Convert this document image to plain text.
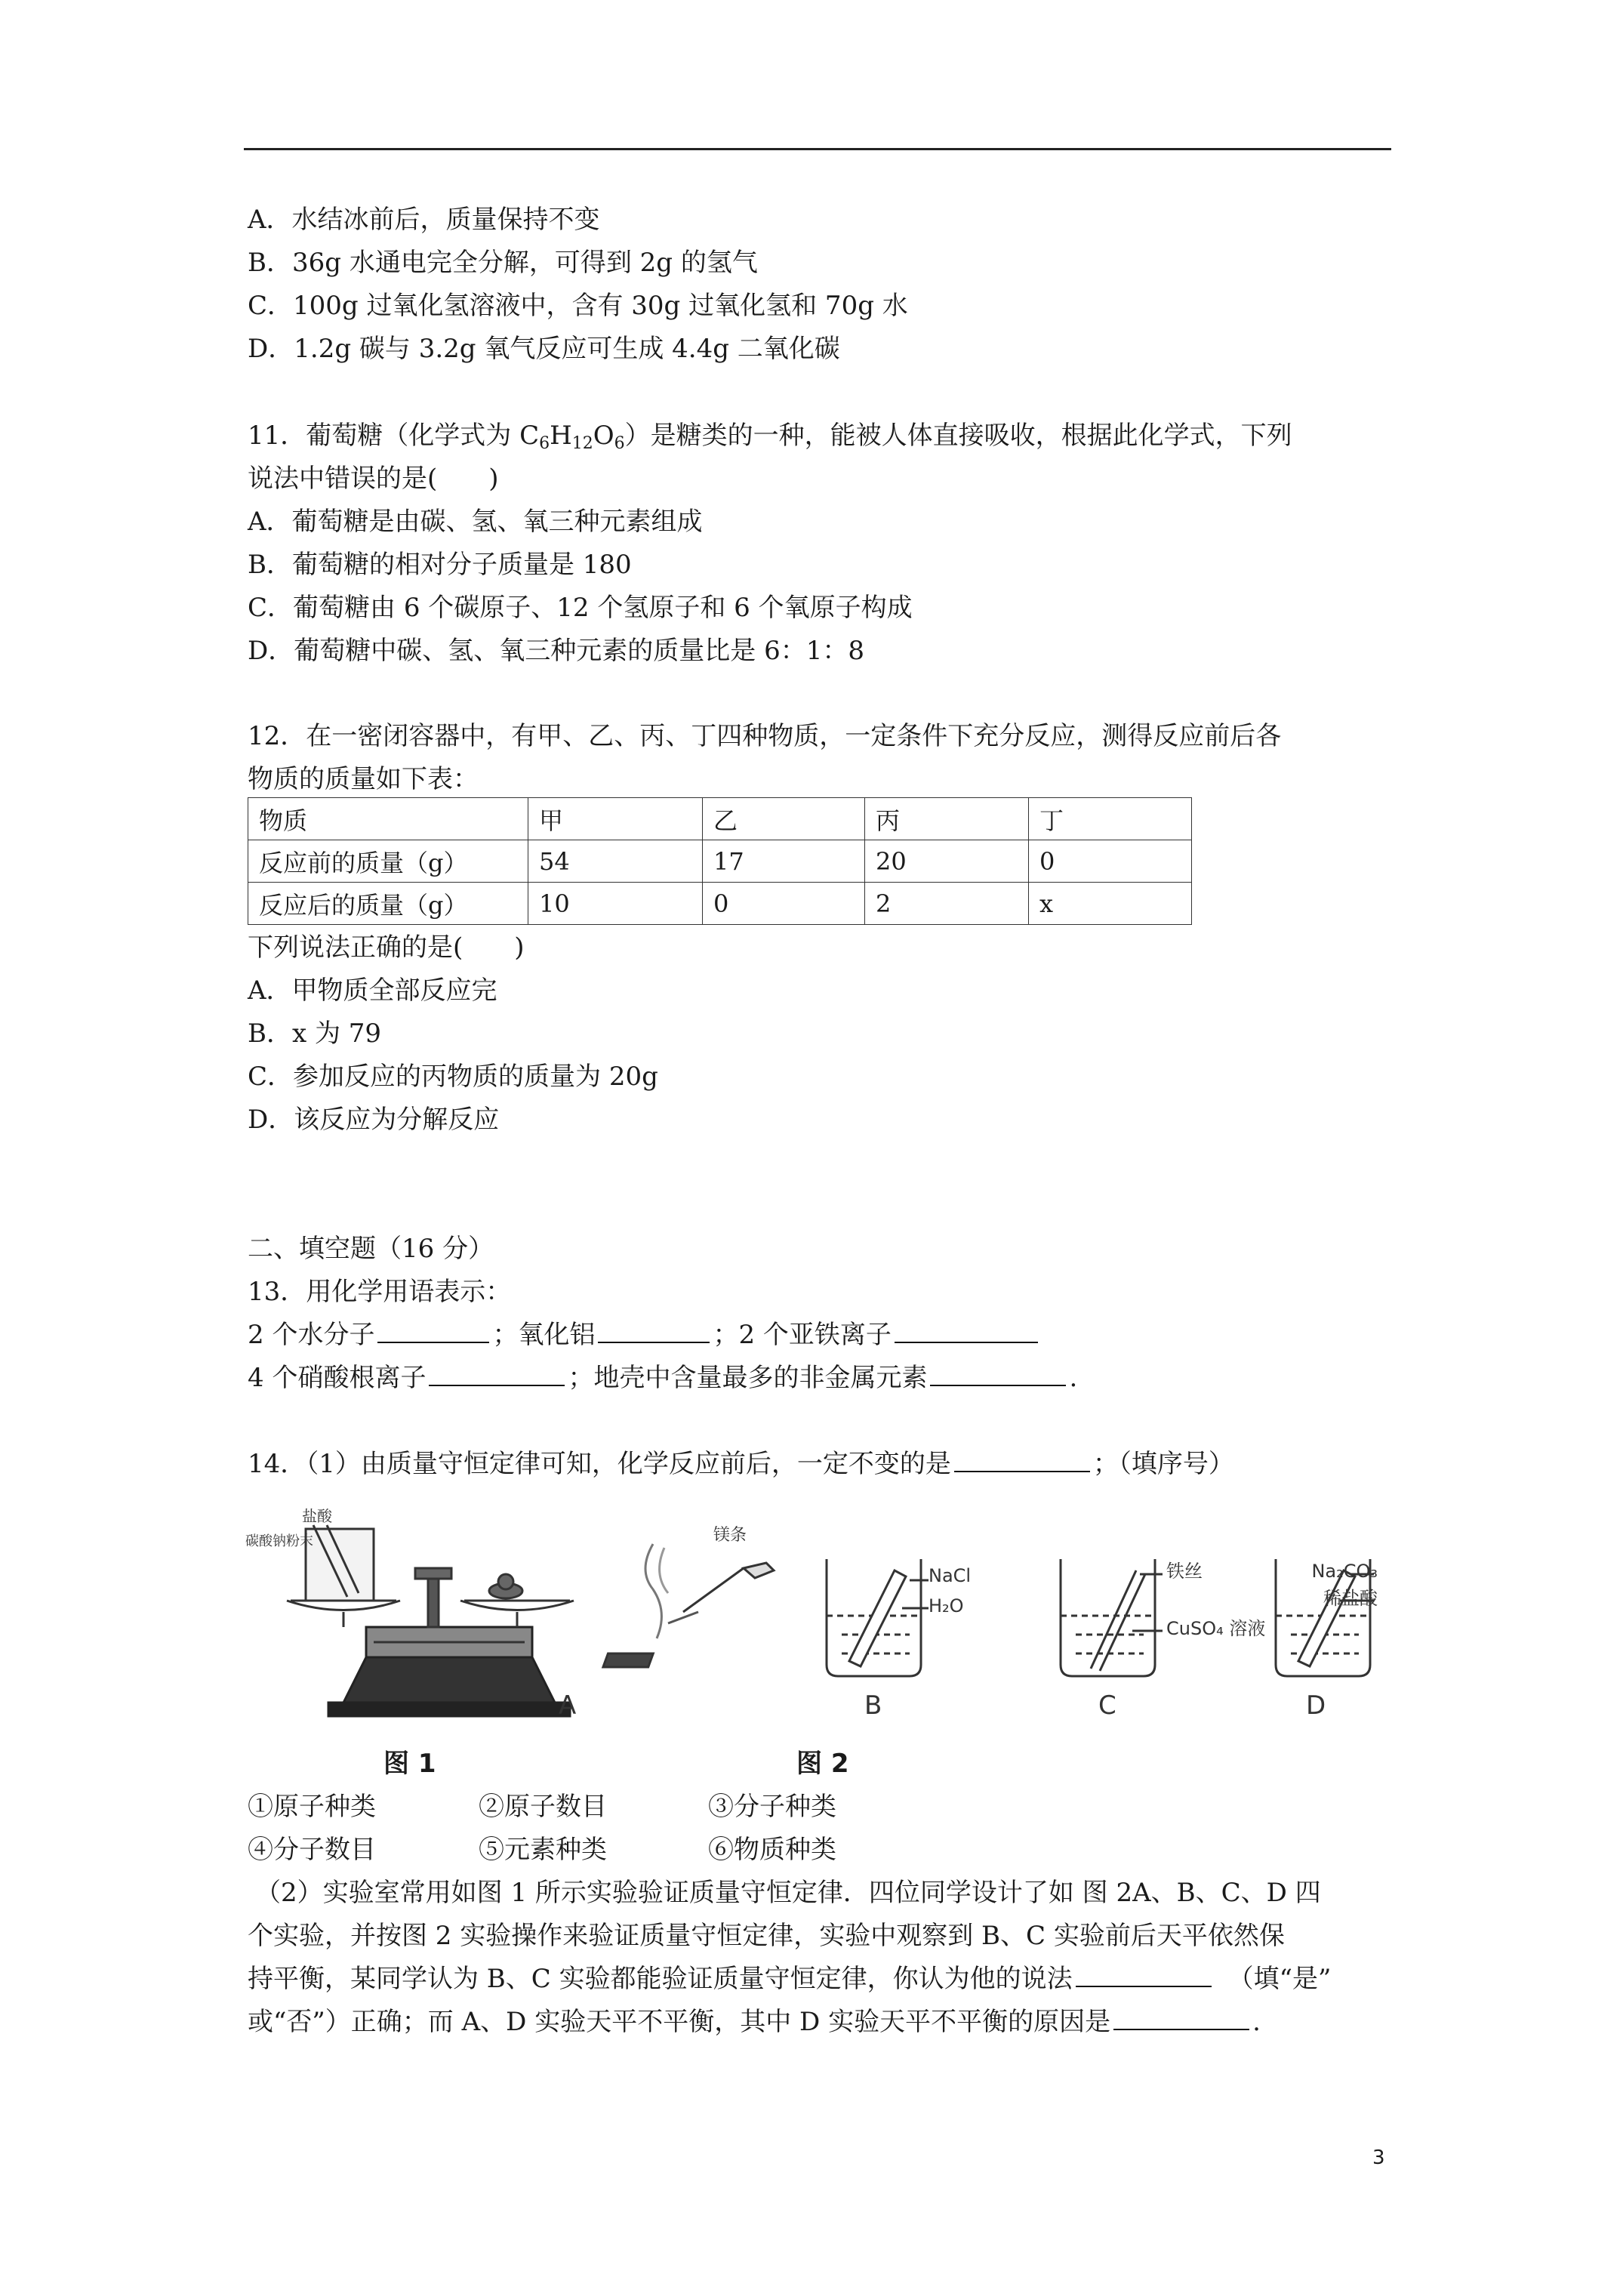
A．水结冰前后，质量保持不变
B．36g 水通电完全分解，可得到 2g 的氢气
C．100g 过氧化氢溶液中，含有 30g 过氧化氢和 70g 水
D．1.2g 碳与 3.2g 氧气反应可生成 4.4g 二氧化碳
11．葡萄糖（化学式为 $C_6H_{12}O_6$）是糖类的一种，能被人体直接吸收，根据此化学式，下列
说法中错误的是(　　)
A．葡萄糖是由碳、氢、氧三种元素组成
B．葡萄糖的相对分子质量是 180
C．葡萄糖由 6 个碳原子、12 个氢原子和 6 个氧原子构成
D．葡萄糖中碳、氢、氧三种元素的质量比是 6：1：8
12．在一密闭容器中，有甲、乙、丙、丁四种物质，一定条件下充分反应，测得反应前后各
物质的质量如下表：
物质	甲	乙	丙	丁
反应前的质量（g）	54	17	20	0
反应后的质量（g）	10	0	2	x
下列说法正确的是(　　)
A．甲物质全部反应完
B．x 为 79
C．参加反应的丙物质的质量为 20g
D．该反应为分解反应
二、填空题（16 分）
13．用化学用语表示：
2 个水分子	；氧化铝	；2 个亚铁离子
4 个硝酸根离子	；地壳中含量最多的非金属元素	.
14．（1）由质量守恒定律可知，化学反应前后，一定不变的是	；（填序号）
盐酸
碳酸钠粉末	镁条
NaCl
H₂O
铁丝
CuSO₄ 溶液
Na₂CO₃
稀盐酸
A	B	C	D
图 1	图 2
①原子种类	②原子数目	③分子种类
④分子数目	⑤元素种类	⑥物质种类
（2）实验室常用如图 1 所示实验验证质量守恒定律．四位同学设计了如 图 2A、B、C、D 四
个实验，并按图 2 实验操作来验证质量守恒定律，实验中观察到 B、C 实验前后天平依然保
持平衡，某同学认为 B、C 实验都能验证质量守恒定律，你认为他的说法	（填“是”
或“否”）正确；而 A、D 实验天平不平衡，其中 D 实验天平不平衡的原因是	.
3
